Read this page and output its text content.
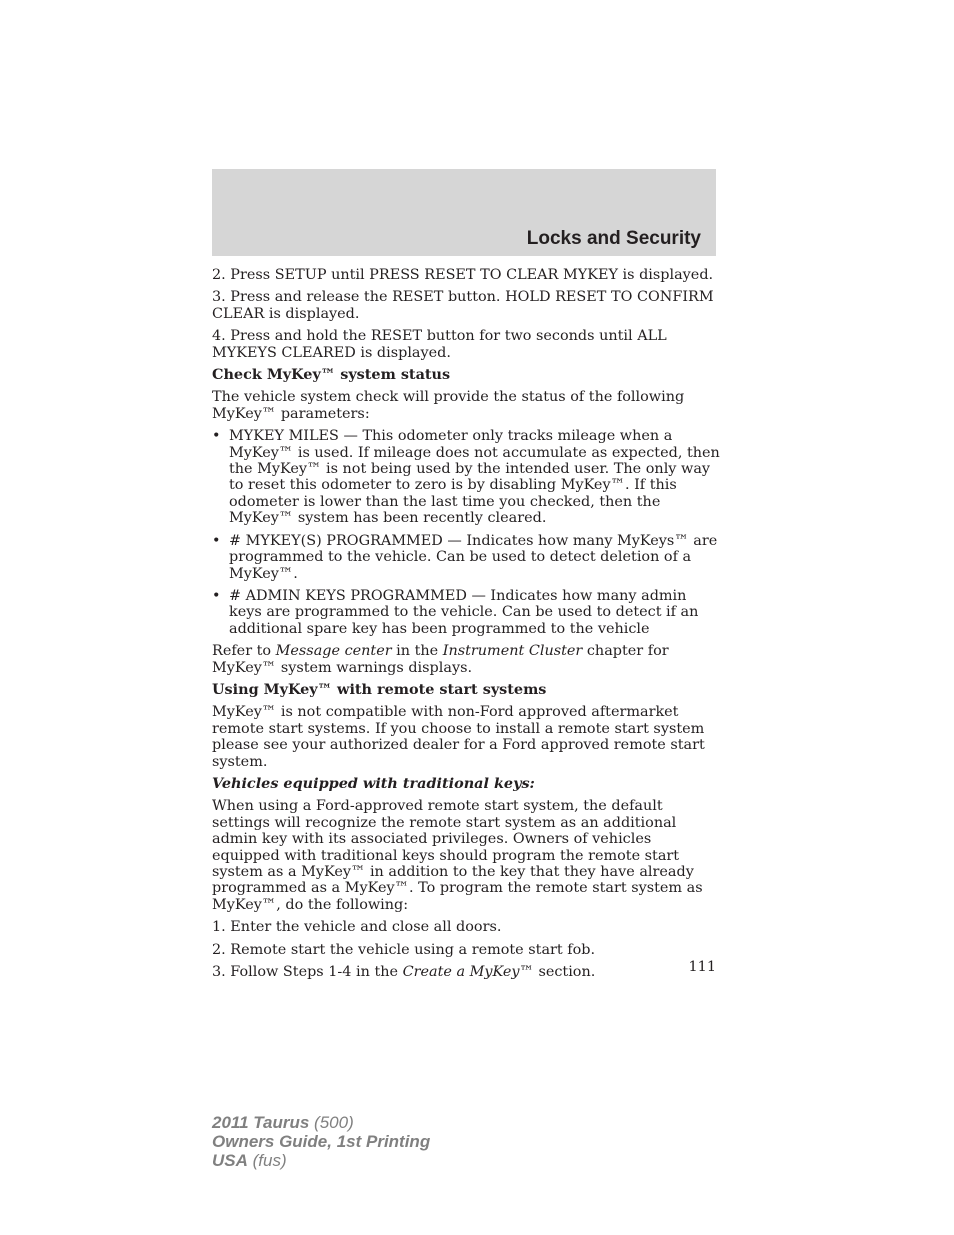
Locks and Security

2. Press SETUP until PRESS RESET TO CLEAR MYKEY is displayed.

3. Press and release the RESET button. HOLD RESET TO CONFIRM CLEAR is displayed.

4. Press and hold the RESET button for two seconds until ALL MYKEYS CLEARED is displayed.

Check MyKey™ system status

The vehicle system check will provide the status of the following MyKey™ parameters:

• MYKEY MILES — This odometer only tracks mileage when a MyKey™ is used. If mileage does not accumulate as expected, then the MyKey™ is not being used by the intended user. The only way to reset this odometer to zero is by disabling MyKey™. If this odometer is lower than the last time you checked, then the MyKey™ system has been recently cleared.
• # MYKEY(S) PROGRAMMED — Indicates how many MyKeys™ are programmed to the vehicle. Can be used to detect deletion of a MyKey™.
• # ADMIN KEYS PROGRAMMED — Indicates how many admin keys are programmed to the vehicle. Can be used to detect if an additional spare key has been programmed to the vehicle

Refer to Message center in the Instrument Cluster chapter for MyKey™ system warnings displays.

Using MyKey™ with remote start systems

MyKey™ is not compatible with non-Ford approved aftermarket remote start systems. If you choose to install a remote start system please see your authorized dealer for a Ford approved remote start system.

Vehicles equipped with traditional keys:

When using a Ford-approved remote start system, the default settings will recognize the remote start system as an additional admin key with its associated privileges. Owners of vehicles equipped with traditional keys should program the remote start system as a MyKey™ in addition to the key that they have already programmed as a MyKey™. To program the remote start system as MyKey™, do the following:

1. Enter the vehicle and close all doors.

2. Remote start the vehicle using a remote start fob.

3. Follow Steps 1-4 in the Create a MyKey™ section.	111
2011 Taurus (500)
Owners Guide, 1st Printing
USA (fus)
